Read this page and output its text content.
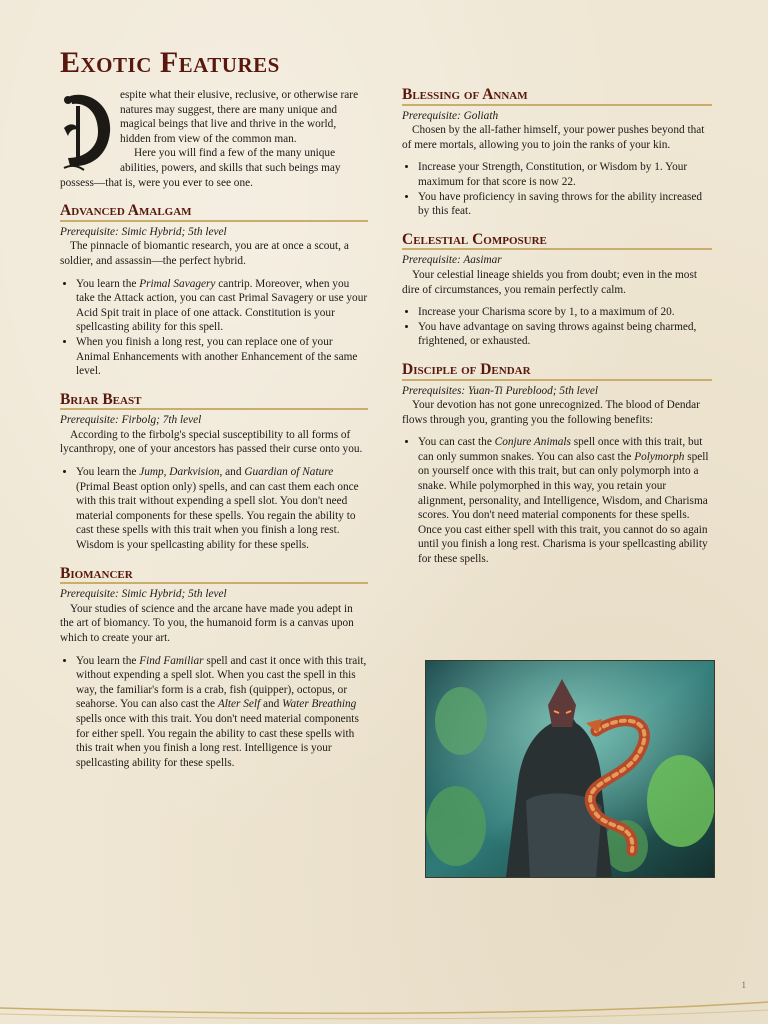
Exotic Features

espite what their elusive, reclusive, or otherwise rare natures may suggest, there are many unique and magical beings that live and thrive in the world, hidden from view of the common man.

Here you will find a few of the many unique abilities, powers, and skills that such beings may possess—that is, were you ever to see one.

Advanced Amalgam

Prerequisite: Simic Hybrid; 5th level

The pinnacle of biomantic research, you are at once a scout, a soldier, and assassin—the perfect hybrid.

• You learn the Primal Savagery cantrip. Moreover, when you take the Attack action, you can cast Primal Savagery or use your Acid Spit trait in place of one attack. Constitution is your spellcasting ability for this spell.
• When you finish a long rest, you can replace one of your Animal Enhancements with another Enhancement of the same level.
Briar Beast

Prerequisite: Firbolg; 7th level

According to the firbolg's special susceptibility to all forms of lycanthropy, one of your ancestors has passed their curse onto you.

• You learn the Jump, Darkvision, and Guardian of Nature (Primal Beast option only) spells, and can cast them each once with this trait without expending a spell slot. You don't need material components for these spells. You regain the ability to cast these spells with this trait when you finish a long rest. Wisdom is your spellcasting ability for these spells.
Biomancer

Prerequisite: Simic Hybrid; 5th level

Your studies of science and the arcane have made you adept in the art of biomancy. To you, the humanoid form is a canvas upon which to create your art.

• You learn the Find Familiar spell and cast it once with this trait, without expending a spell slot. When you cast the spell in this way, the familiar's form is a crab, fish (quipper), octopus, or seahorse. You can also cast the Alter Self and Water Breathing spells once with this trait. You don't need material components for either spell. You regain the ability to cast these spells with this trait when you finish a long rest. Intelligence is your spellcasting ability for these spells.
Blessing of Annam

Prerequisite: Goliath

Chosen by the all-father himself, your power pushes beyond that of mere mortals, allowing you to join the ranks of your kin.

• Increase your Strength, Constitution, or Wisdom by 1. Your maximum for that score is now 22.
• You have proficiency in saving throws for the ability increased by this feat.
Celestial Composure

Prerequisite: Aasimar

Your celestial lineage shields you from doubt; even in the most dire of circumstances, you remain perfectly calm.

• Increase your Charisma score by 1, to a maximum of 20.
• You have advantage on saving throws against being charmed, frightened, or exhausted.
Disciple of Dendar

Prerequisites: Yuan-Ti Pureblood; 5th level

Your devotion has not gone unrecognized. The blood of Dendar flows through you, granting you the following benefits:

• You can cast the Conjure Animals spell once with this trait, but can only summon snakes. You can also cast the Polymorph spell on yourself once with this trait, but can only polymorph into a snake. While polymorphed in this way, you retain your alignment, personality, and Intelligence, Wisdom, and Charisma scores. You don't need material components for these spells. Once you cast either spell with this trait, you cannot do so again until you finish a long rest. Charisma is your spellcasting ability for these spells.
1
